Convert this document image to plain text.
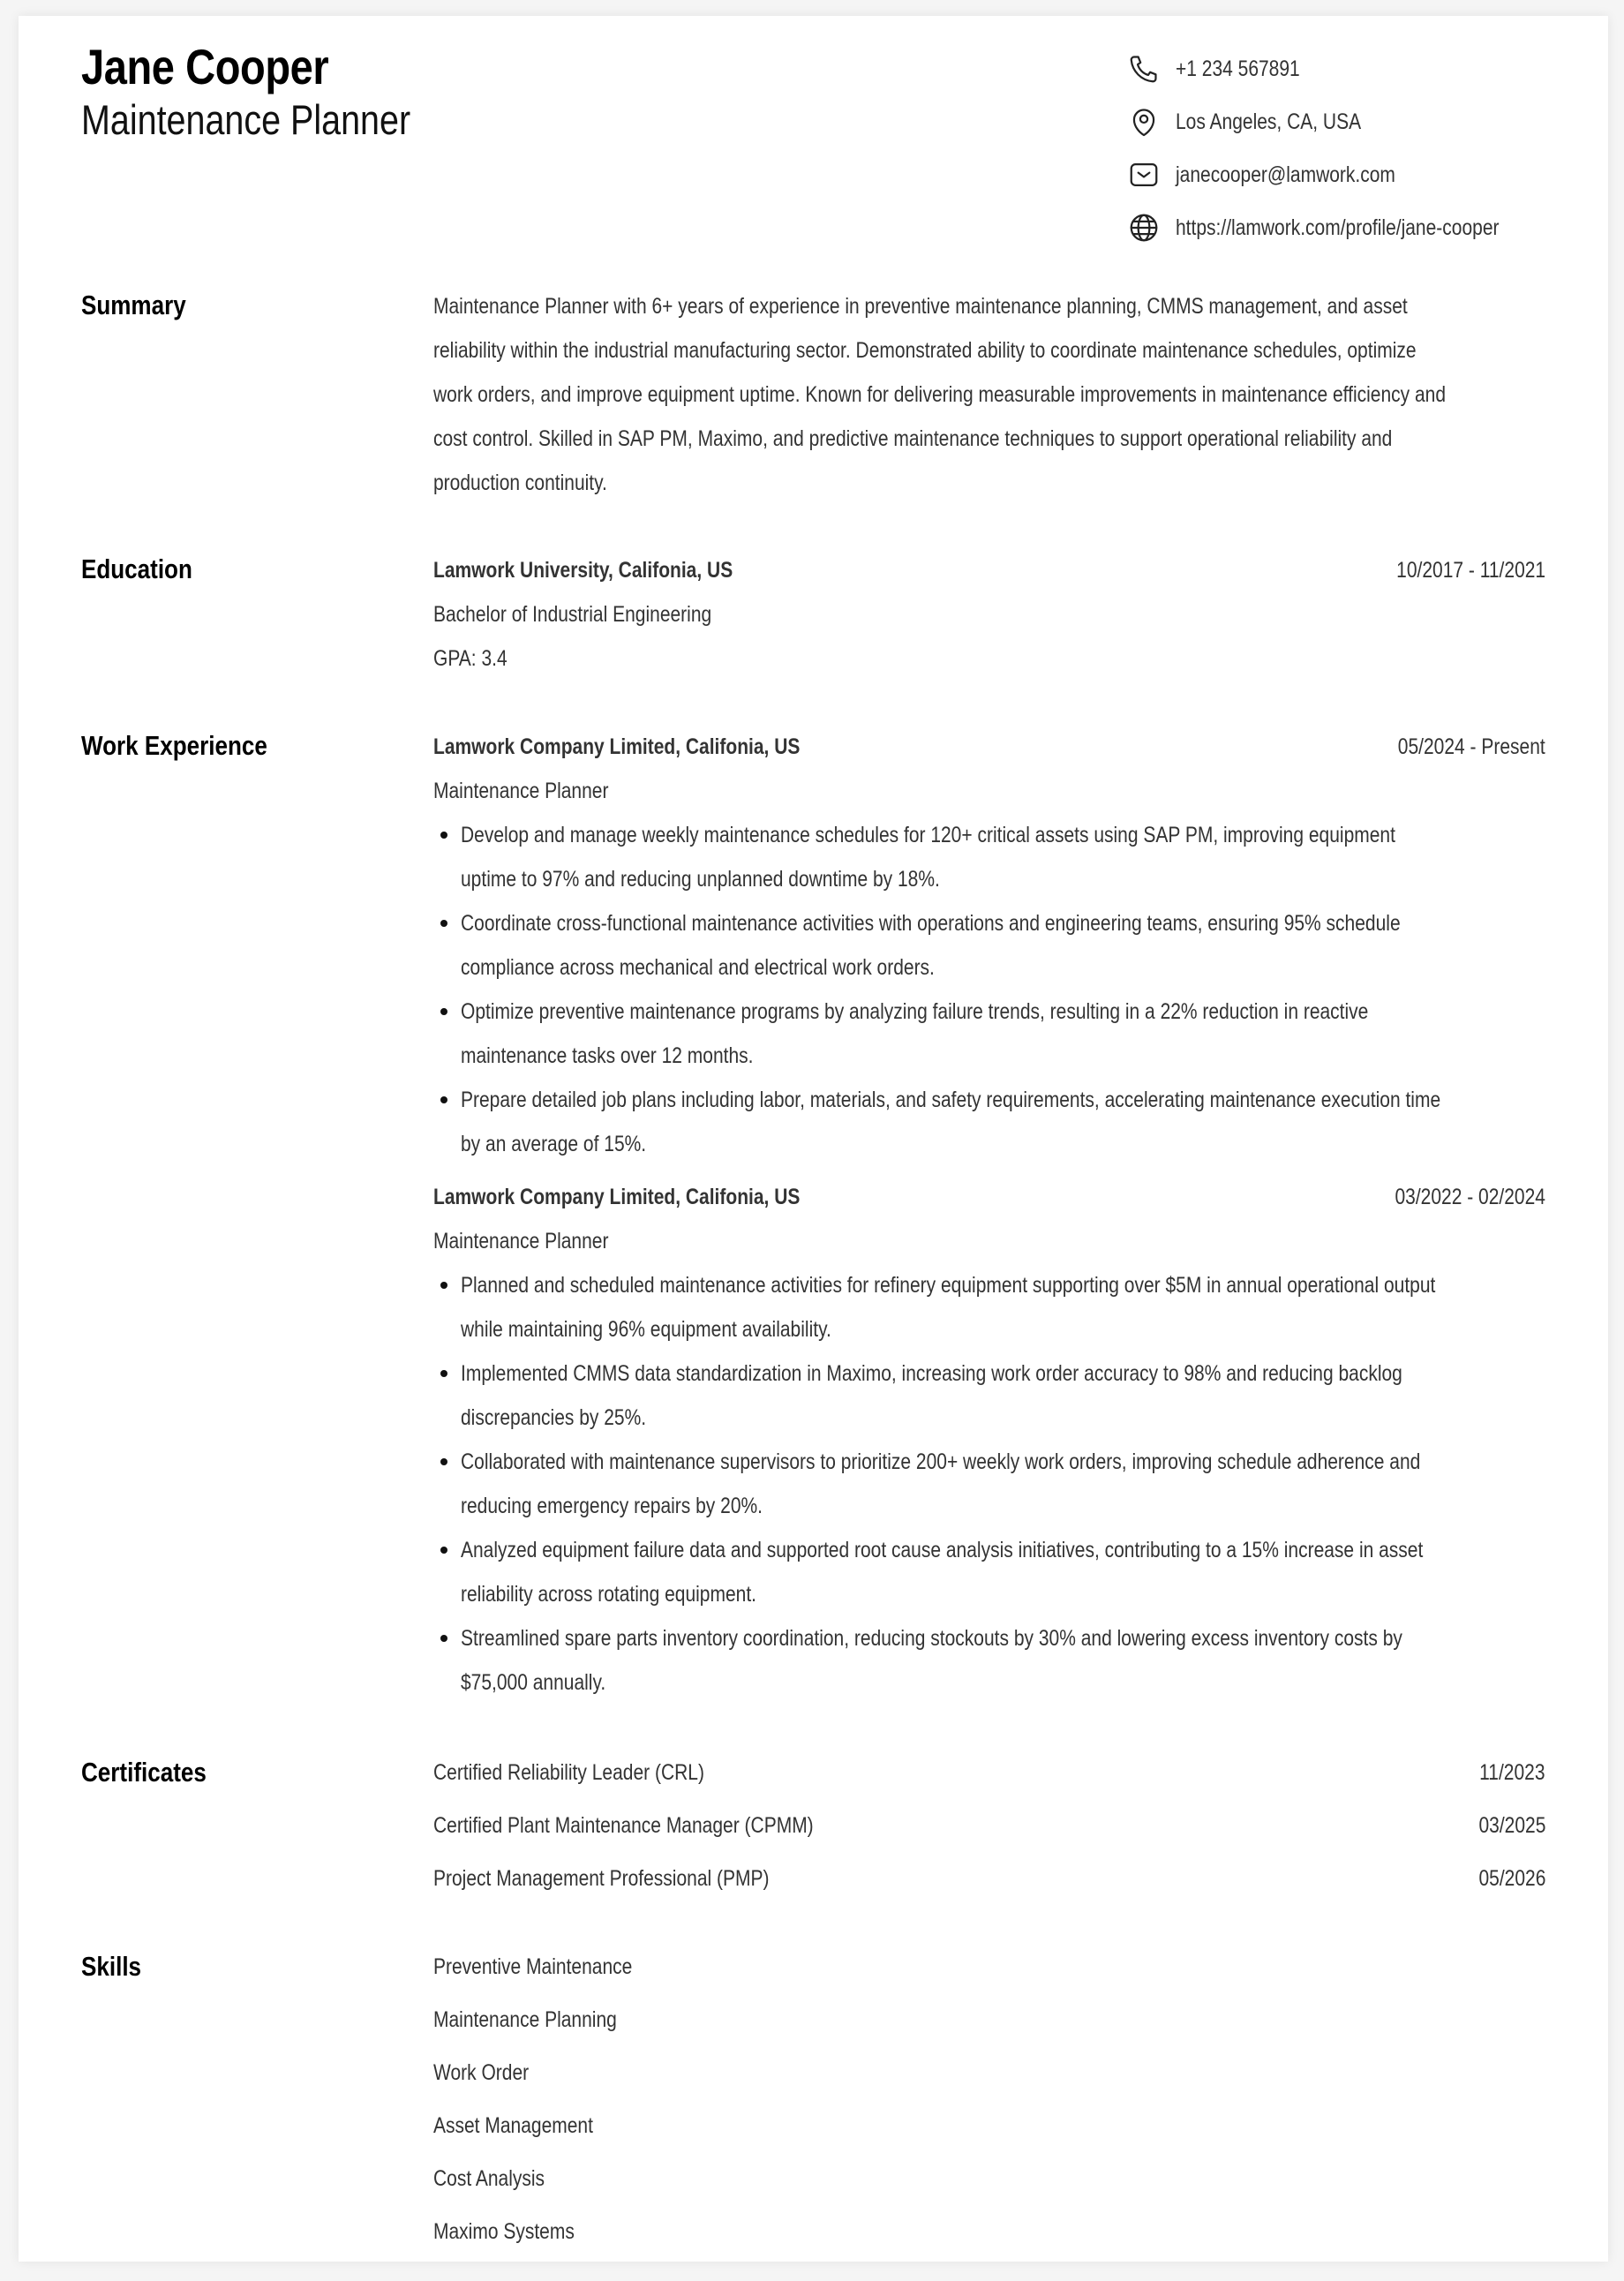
Jane Cooper
Maintenance Planner
+1 234 567891
Los Angeles, CA, USA
janecooper@lamwork.com
https://lamwork.com/profile/jane-cooper
Summary	Maintenance Planner with 6+ years of experience in preventive maintenance planning, CMMS management, and asset
reliability within the industrial manufacturing sector. Demonstrated ability to coordinate maintenance schedules, optimize
work orders, and improve equipment uptime. Known for delivering measurable improvements in maintenance efficiency and
cost control. Skilled in SAP PM, Maximo, and predictive maintenance techniques to support operational reliability and
production continuity.
Education	Lamwork University, Califonia, US	10/2017 - 11/2021
Bachelor of Industrial Engineering
GPA: 3.4
Work Experience	Lamwork Company Limited, Califonia, US	05/2024 - Present
Maintenance Planner
Develop and manage weekly maintenance schedules for 120+ critical assets using SAP PM, improving equipment
uptime to 97% and reducing unplanned downtime by 18%.
Coordinate cross-functional maintenance activities with operations and engineering teams, ensuring 95% schedule
compliance across mechanical and electrical work orders.
Optimize preventive maintenance programs by analyzing failure trends, resulting in a 22% reduction in reactive
maintenance tasks over 12 months.
Prepare detailed job plans including labor, materials, and safety requirements, accelerating maintenance execution time
by an average of 15%.
Lamwork Company Limited, Califonia, US	03/2022 - 02/2024
Maintenance Planner
Planned and scheduled maintenance activities for refinery equipment supporting over $5M in annual operational output
while maintaining 96% equipment availability.
Implemented CMMS data standardization in Maximo, increasing work order accuracy to 98% and reducing backlog
discrepancies by 25%.
Collaborated with maintenance supervisors to prioritize 200+ weekly work orders, improving schedule adherence and
reducing emergency repairs by 20%.
Analyzed equipment failure data and supported root cause analysis initiatives, contributing to a 15% increase in asset
reliability across rotating equipment.
Streamlined spare parts inventory coordination, reducing stockouts by 30% and lowering excess inventory costs by
$75,000 annually.
Certificates	Certified Reliability Leader (CRL)	11/2023
Certified Plant Maintenance Manager (CPMM)	03/2025
Project Management Professional (PMP)	05/2026
Skills	Preventive Maintenance
Maintenance Planning
Work Order
Asset Management
Cost Analysis
Maximo Systems
